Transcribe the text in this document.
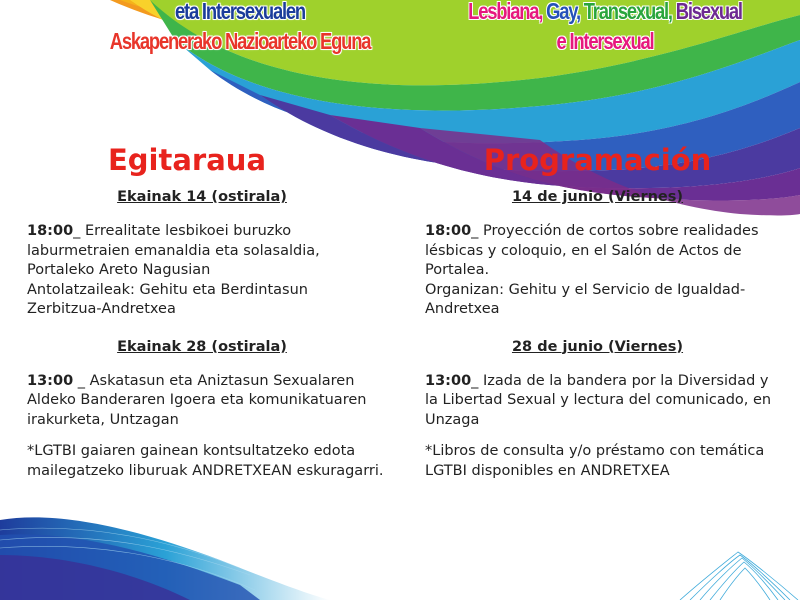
eta Intersexualen
Askapenerako Nazioarteko Eguna
Lesbiana, Gay, Transexual, Bisexual
e Intersexual
Egitaraua

Ekainak 14 (ostirala)

18:00_ Errealitate lesbikoei buruzko laburmetraien emanaldia eta solasaldia, Portaleko Areto Nagusian
Antolatzaileak: Gehitu eta Berdintasun Zerbitzua-Andretxea

Ekainak 28 (ostirala)

13:00 _ Askatasun eta Aniztasun Sexualaren Aldeko Banderaren Igoera eta komunikatuaren irakurketa, Untzagan

*LGTBI gaiaren gainean kontsultatzeko edota mailegatzeko liburuak ANDRETXEAN eskuragarri.

Programación

14 de junio (Viernes)

18:00_ Proyección de cortos sobre realidades lésbicas y coloquio, en el Salón de Actos de Portalea.
Organizan: Gehitu y el Servicio de Igualdad-Andretxea

28 de junio (Viernes)

13:00_ Izada de la bandera por la Diversidad y la Libertad Sexual y lectura del comunicado, en Unzaga

*Libros de consulta y/o préstamo con temática LGTBI disponibles en ANDRETXEA
